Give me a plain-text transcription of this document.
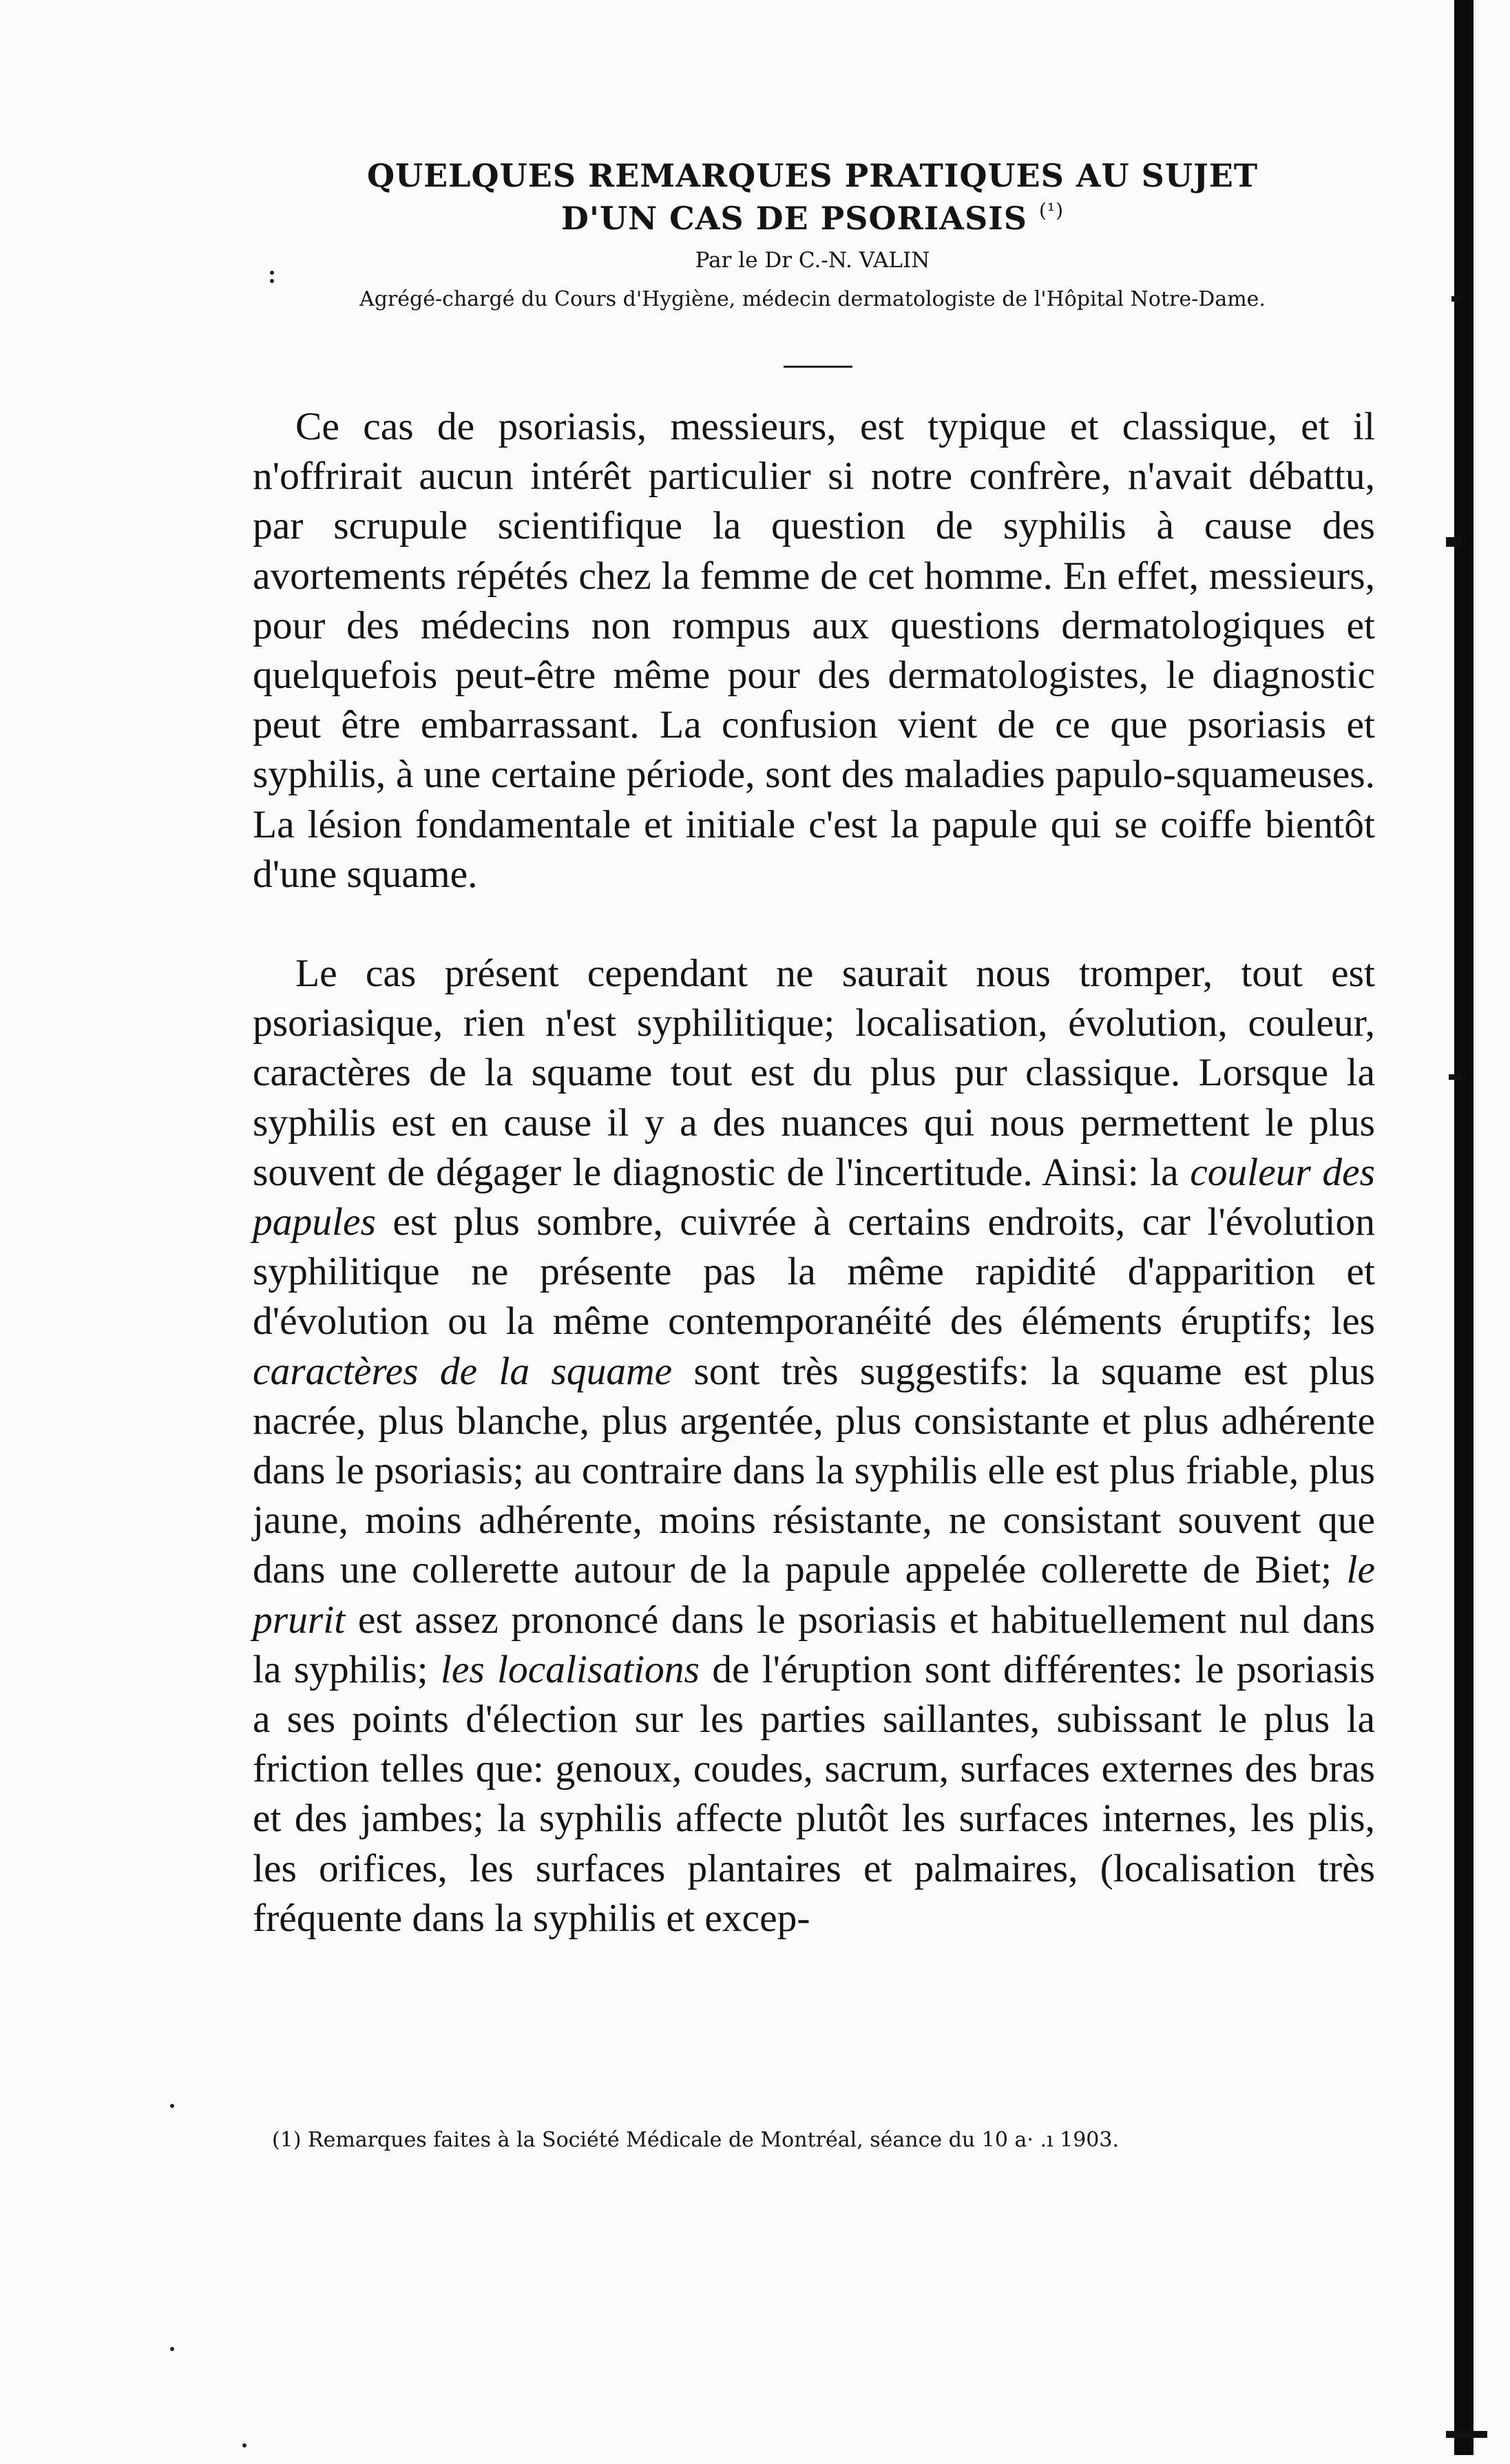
QUELQUES REMARQUES PRATIQUES AU SUJET
D'UN CAS DE PSORIASIS $^{(^1)}$
Par le Dr C.-N. VALIN
Agrégé-chargé du Cours d'Hygiène, médecin dermatologiste de l'Hôpital Notre-Dame.

Ce cas de psoriasis, messieurs, est typique et classique, et il n'offrirait aucun intérêt particulier si notre confrère, n'avait débattu, par scrupule scientifique la question de syphilis à cause des avortements répétés chez la femme de cet homme. En effet, messieurs, pour des médecins non rompus aux questions dermatologiques et quelquefois peut-être même pour des dermatologistes, le diagnostic peut être embarrassant. La confusion vient de ce que psoriasis et syphilis, à une certaine période, sont des maladies papulo-squameuses. La lésion fondamentale et initiale c'est la papule qui se coiffe bientôt d'une squame.

Le cas présent cependant ne saurait nous tromper, tout est psoriasique, rien n'est syphilitique; localisation, évolution, couleur, caractères de la squame tout est du plus pur classique. Lorsque la syphilis est en cause il y a des nuances qui nous permettent le plus souvent de dégager le diagnostic de l'incertitude. Ainsi: la couleur des papules est plus sombre, cuivrée à certains endroits, car l'évolution syphilitique ne présente pas la même rapidité d'apparition et d'évolution ou la même contemporanéité des éléments éruptifs; les caractères de la squame sont très suggestifs: la squame est plus nacrée, plus blanche, plus argentée, plus consistante et plus adhérente dans le psoriasis; au contraire dans la syphilis elle est plus friable, plus jaune, moins adhérente, moins résistante, ne consistant souvent que dans une collerette autour de la papule appelée collerette de Biet; le prurit est assez prononcé dans le psoriasis et habituellement nul dans la syphilis; les localisations de l'éruption sont différentes: le psoriasis a ses points d'élection sur les parties saillantes, subissant le plus la friction telles que: genoux, coudes, sacrum, surfaces externes des bras et des jambes; la syphilis affecte plutôt les surfaces internes, les plis, les orifices, les surfaces plantaires et palmaires, (localisation très fréquente dans la syphilis et excep-

(1) Remarques faites à la Société Médicale de Montréal, séance du 10 a· .ı 1903.
